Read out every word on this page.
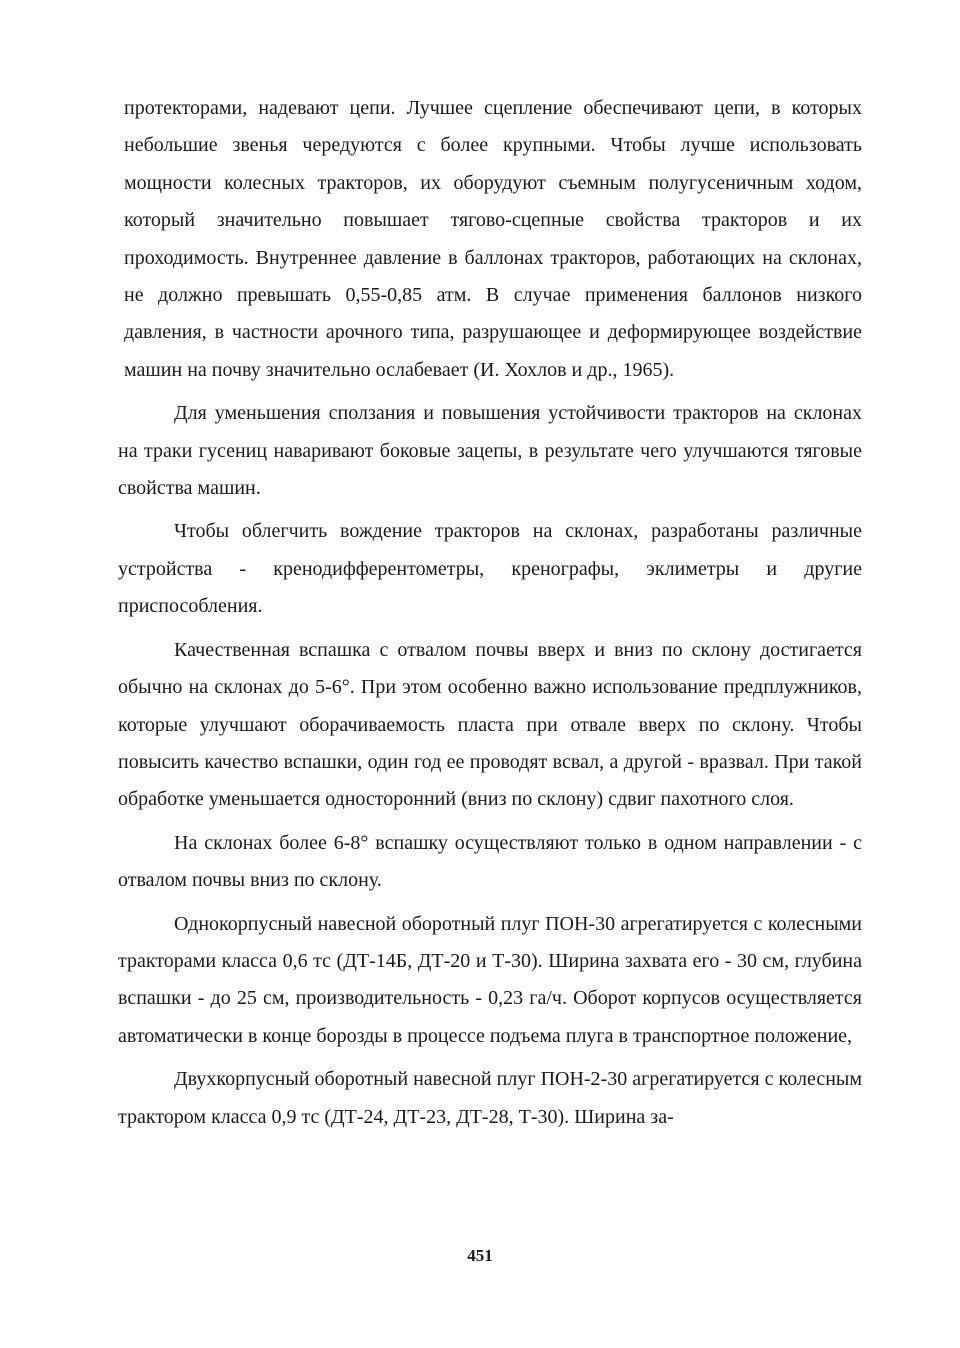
протекторами, надевают цепи. Лучшее сцепление обеспечивают цепи, в которых небольшие звенья чередуются с более крупными. Чтобы лучше использовать мощности колесных тракторов, их оборудуют съемным полугусеничным ходом, который значительно повышает тягово-сцепные свойства тракторов и их проходимость. Внутреннее давление в баллонах тракторов, работающих на склонах, не должно превышать 0,55-0,85 атм. В случае применения баллонов низкого давления, в частности арочного типа, разрушающее и деформирующее воздействие машин на почву значительно ослабевает (И. Хохлов и др., 1965).

Для уменьшения сползания и повышения устойчивости тракторов на склонах на траки гусениц наваривают боковые зацепы, в результате чего улучшаются тяговые свойства машин.

Чтобы облегчить вождение тракторов на склонах, разработаны различные устройства - кренодифферентометры, кренографы, эклиметры и другие приспособления.

Качественная вспашка с отвалом почвы вверх и вниз по склону достигается обычно на склонах до 5-6°. При этом особенно важно использование предплужников, которые улучшают оборачиваемость пласта при отвале вверх по склону. Чтобы повысить качество вспашки, один год ее проводят всвал, а другой - вразвал. При такой обработке уменьшается односторонний (вниз по склону) сдвиг пахотного слоя.

На склонах более 6-8° вспашку осуществляют только в одном направлении - с отвалом почвы вниз по склону.

Однокорпусный навесной оборотный плуг ПОН-30 агрегатируется с колесными тракторами класса 0,6 тс (ДТ-14Б, ДТ-20 и Т-30). Ширина захвата его - 30 см, глубина вспашки - до 25 см, производительность - 0,23 га/ч. Оборот корпусов осуществляется автоматически в конце борозды в процессе подъема плуга в транспортное положение,

Двухкорпусный оборотный навесной плуг ПОН-2-30 агрегатируется с колесным трактором класса 0,9 тс (ДТ-24, ДТ-23, ДТ-28, Т-30). Ширина за-

451
